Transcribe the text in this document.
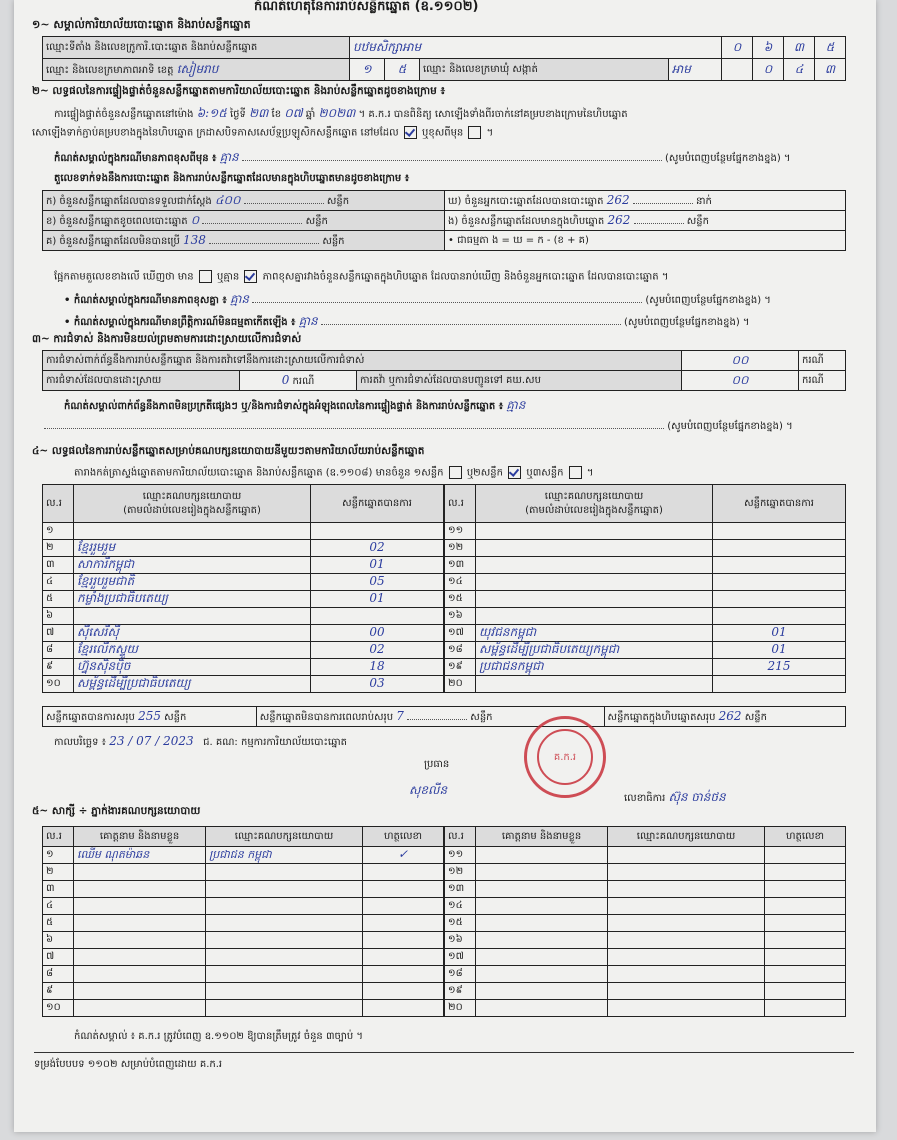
កំណត់ហេតុនៃការរាប់សន្លឹកឆ្នោត (ឧ.១១០២)
១~ សម្គាល់ការិយាល័យបោះឆ្នោត និងរាប់សន្លឹកឆ្នោត
ឈ្មោះទីតាំង និងលេខក្រូការិ.បោះឆ្នោត និងរាប់សន្លឹកឆ្នោត	បឋមសិក្សាអាម				០	៦	៣	៥
ឈ្មោះ និងលេខក្រមាភាពអាទិ ខេត្ត សៀមរាប	១	៥	ឈ្មោះ និងលេខក្រមាឃុំ សង្កាត់	អាម		០	៤	៣
២~ លទ្ធផលនៃការផ្ទៀងផ្ទាត់ចំនួនសន្លឹកឆ្នោតតាមការិយាល័យបោះឆ្នោត និងរាប់សន្លឹកឆ្នោតដូចខាងក្រោម ៖
ការផ្ទៀងផ្ទាត់ចំនួនសន្លឹកឆ្នោតនៅម៉ោង ៦:១៥ ថ្ងៃទី ២៣ ខែ ០៧ ឆ្នាំ ២០២៣ ។ គ.ក.រ បានពិនិត្យ សោឡើងទាំងពីរចាក់នៅគម្របខាងក្រោមនៃហិបឆ្នោត
សោឡើងទាក់ភ្ជាប់គម្របខាងក្នុងនៃហិបឆ្នោត ក្រដាសបិទភាសសេប័ទ្មប្រឡូសិកសន្លឹកឆ្នោត នៅមដែល ឬខុសពីមុន  ។
កំណត់សម្គាល់ក្នុងករណីមានភាពខុសពីមុន ៖ គ្មាន	(សូមបំពេញបន្ថែមផ្នែកខាងខ្នង) ។
តួលេខទាក់ទងនឹងការបោះឆ្នោត និងការរាប់សន្លឹកឆ្នោតដែលមានក្នុងហិបឆ្នោតមានដូចខាងក្រោម ៖
ក) ចំនួនសន្លឹកឆ្នោតដែលបានទទួលជាក់ស្តែង ៤០០ សន្លឹក	ឃ) ចំនួនអ្នកបោះឆ្នោតដែលបានបោះឆ្នោត 262 នាក់
ខ) ចំនួនសន្លឹកឆ្នោតខូចពេលបោះឆ្នោត ០ សន្លឹក	ង) ចំនួនសន្លឹកឆ្នោតដែលមានក្នុងហិបឆ្នោត 262 សន្លឹក
គ) ចំនួនសន្លឹកឆ្នោតដែលមិនបានប្រើ 138 សន្លឹក	• ជាធម្មតា ង = ឃ = ក - (ខ + គ)
ផ្អែកតាមតួលេខខាងលើ ឃើញថា មាន ឬគ្មាន ភាពខុសគ្នារវាងចំនួនសន្លឹកឆ្នោតក្នុងហិបឆ្នោត ដែលបានរាប់ឃើញ និងចំនួនអ្នកបោះឆ្នោត ដែលបានបោះឆ្នោត ។
• កំណត់សម្គាល់ក្នុងករណីមានភាពខុសគ្នា ៖ គ្មាន	(សូមបំពេញបន្ថែមផ្នែកខាងខ្នង) ។
• កំណត់សម្គាល់ក្នុងករណីមានព្រឹត្តិការណ៍មិនធម្មតាកើតឡើង ៖ គ្មាន	(សូមបំពេញបន្ថែមផ្នែកខាងខ្នង) ។
៣~ ការជំទាស់ និងការមិនយល់ព្រមតាមការដោះស្រាយលើការជំទាស់
ការជំទាស់ពាក់ព័ន្ធនឹងការរាប់សន្លឹកឆ្នោត និងការតវ៉ាទៅនឹងការដោះស្រាយលើការជំទាស់			០០	ករណី
ការជំទាស់ដែលបានដោះស្រាយ	0 ករណី	ការតវ៉ា ឬការជំទាស់ដែលបានបញ្ជូនទៅ គឃ.សប	០០	ករណី
កំណត់សម្គាល់ពាក់ព័ន្ធនឹងភាពមិនប្រក្រតីផ្សេងៗ ឬ/និងការជំទាស់ក្នុងអំឡុងពេលនៃការផ្ទៀងផ្ទាត់ និងការរាប់សន្លឹកឆ្នោត ៖ គ្មាន
(សូមបំពេញបន្ថែមផ្នែកខាងខ្នង) ។
៤~ លទ្ធផលនៃការរាប់សន្លឹកឆ្នោតសម្រាប់គណបក្សនយោបាយនីមួយៗតាមការិយាល័យរាប់សន្លឹកឆ្នោត
តារាងកត់ត្រាស្ទង់ឆ្នោតតាមការិយាល័យបោះឆ្នោត និងរាប់សន្លឹកឆ្នោត (ឧ.១១០៨) មានចំនួន ១សន្លឹក ឬ២សន្លឹក ឬ៣សន្លឹក  ។
ល.រ	ឈ្មោះគណបក្សនយោបាយ
(តាមលំដាប់លេខរៀងក្នុងសន្លឹកឆ្នោត)	សន្លឹកឆ្នោតបានការ
១		
២	ខ្មែររួមរួម	02
៣	សាការីកម្ពុជា	01
៤	ខ្មែររួបរួមជាតិ	05
៥	កម្លាំងប្រជាធិបតេយ្យ	01
៦		
៧	ស៊ីសេរីស៊ី	00
៨	ខ្មែរលើកស្ទួយ	02
៩	ហ្វ៊ុនស៊ិនប៉ិច	18
១០	សម្ព័ន្ធដើម្បីប្រជាធិបតេយ្យ	03
ល.រ	ឈ្មោះគណបក្សនយោបាយ
(តាមលំដាប់លេខរៀងក្នុងសន្លឹកឆ្នោត)	សន្លឹកឆ្នោតបានការ
១១		
១២		
១៣		
១៤		
១៥		
១៦		
១៧	យុវជនកម្ពុជា	01
១៨	សម្ព័ន្ធដើម្បីប្រជាធិបតេយ្យកម្ពុជា	01
១៩	ប្រជាជនកម្ពុជា	215
២០		
សន្លឹកឆ្នោតបានការសរុប 255 សន្លឹក	សន្លឹកឆ្នោតមិនបានការពេលរាប់សរុប 7	សន្លឹក	សន្លឹកឆ្នោតក្នុងហិបឆ្នោតសរុប 262 សន្លឹក
កាលបរិច្ឆេទ ៖ 23 / 07 / 2023 ជ. គណ: កម្មការការិយាល័យបោះឆ្នោត
ប្រធាន
សុខលីន
លេខាធិការ ស៊ុន ចាន់ថន
គ.ក.រ
៥~ សាក្សី ÷ ភ្នាក់ងារគណបក្សនយោបាយ
ល.រ	គោត្តនាម និងនាមខ្លួន	ឈ្មោះគណបក្សនយោបាយ	ហត្ថលេខា
១	ឈើម ណុតម៉ាឆន	ប្រជាជន កម្ពុជា	✓
២			
៣			
៤			
៥			
៦			
៧			
៨			
៩			
១០			
ល.រ	គោត្តនាម និងនាមខ្លួន	ឈ្មោះគណបក្សនយោបាយ	ហត្ថលេខា
១១			
១២			
១៣			
១៤			
១៥			
១៦			
១៧			
១៨			
១៩			
២០			
កំណត់សម្គាល់ ៖ គ.ក.រ ត្រូវបំពេញ ឧ.១១០២ ឱ្យបានត្រឹមត្រូវ ចំនួន ៣ច្បាប់ ។
ទម្រង់បែបបទ ១១០២ សម្រាប់បំពេញដោយ គ.ក.រ
